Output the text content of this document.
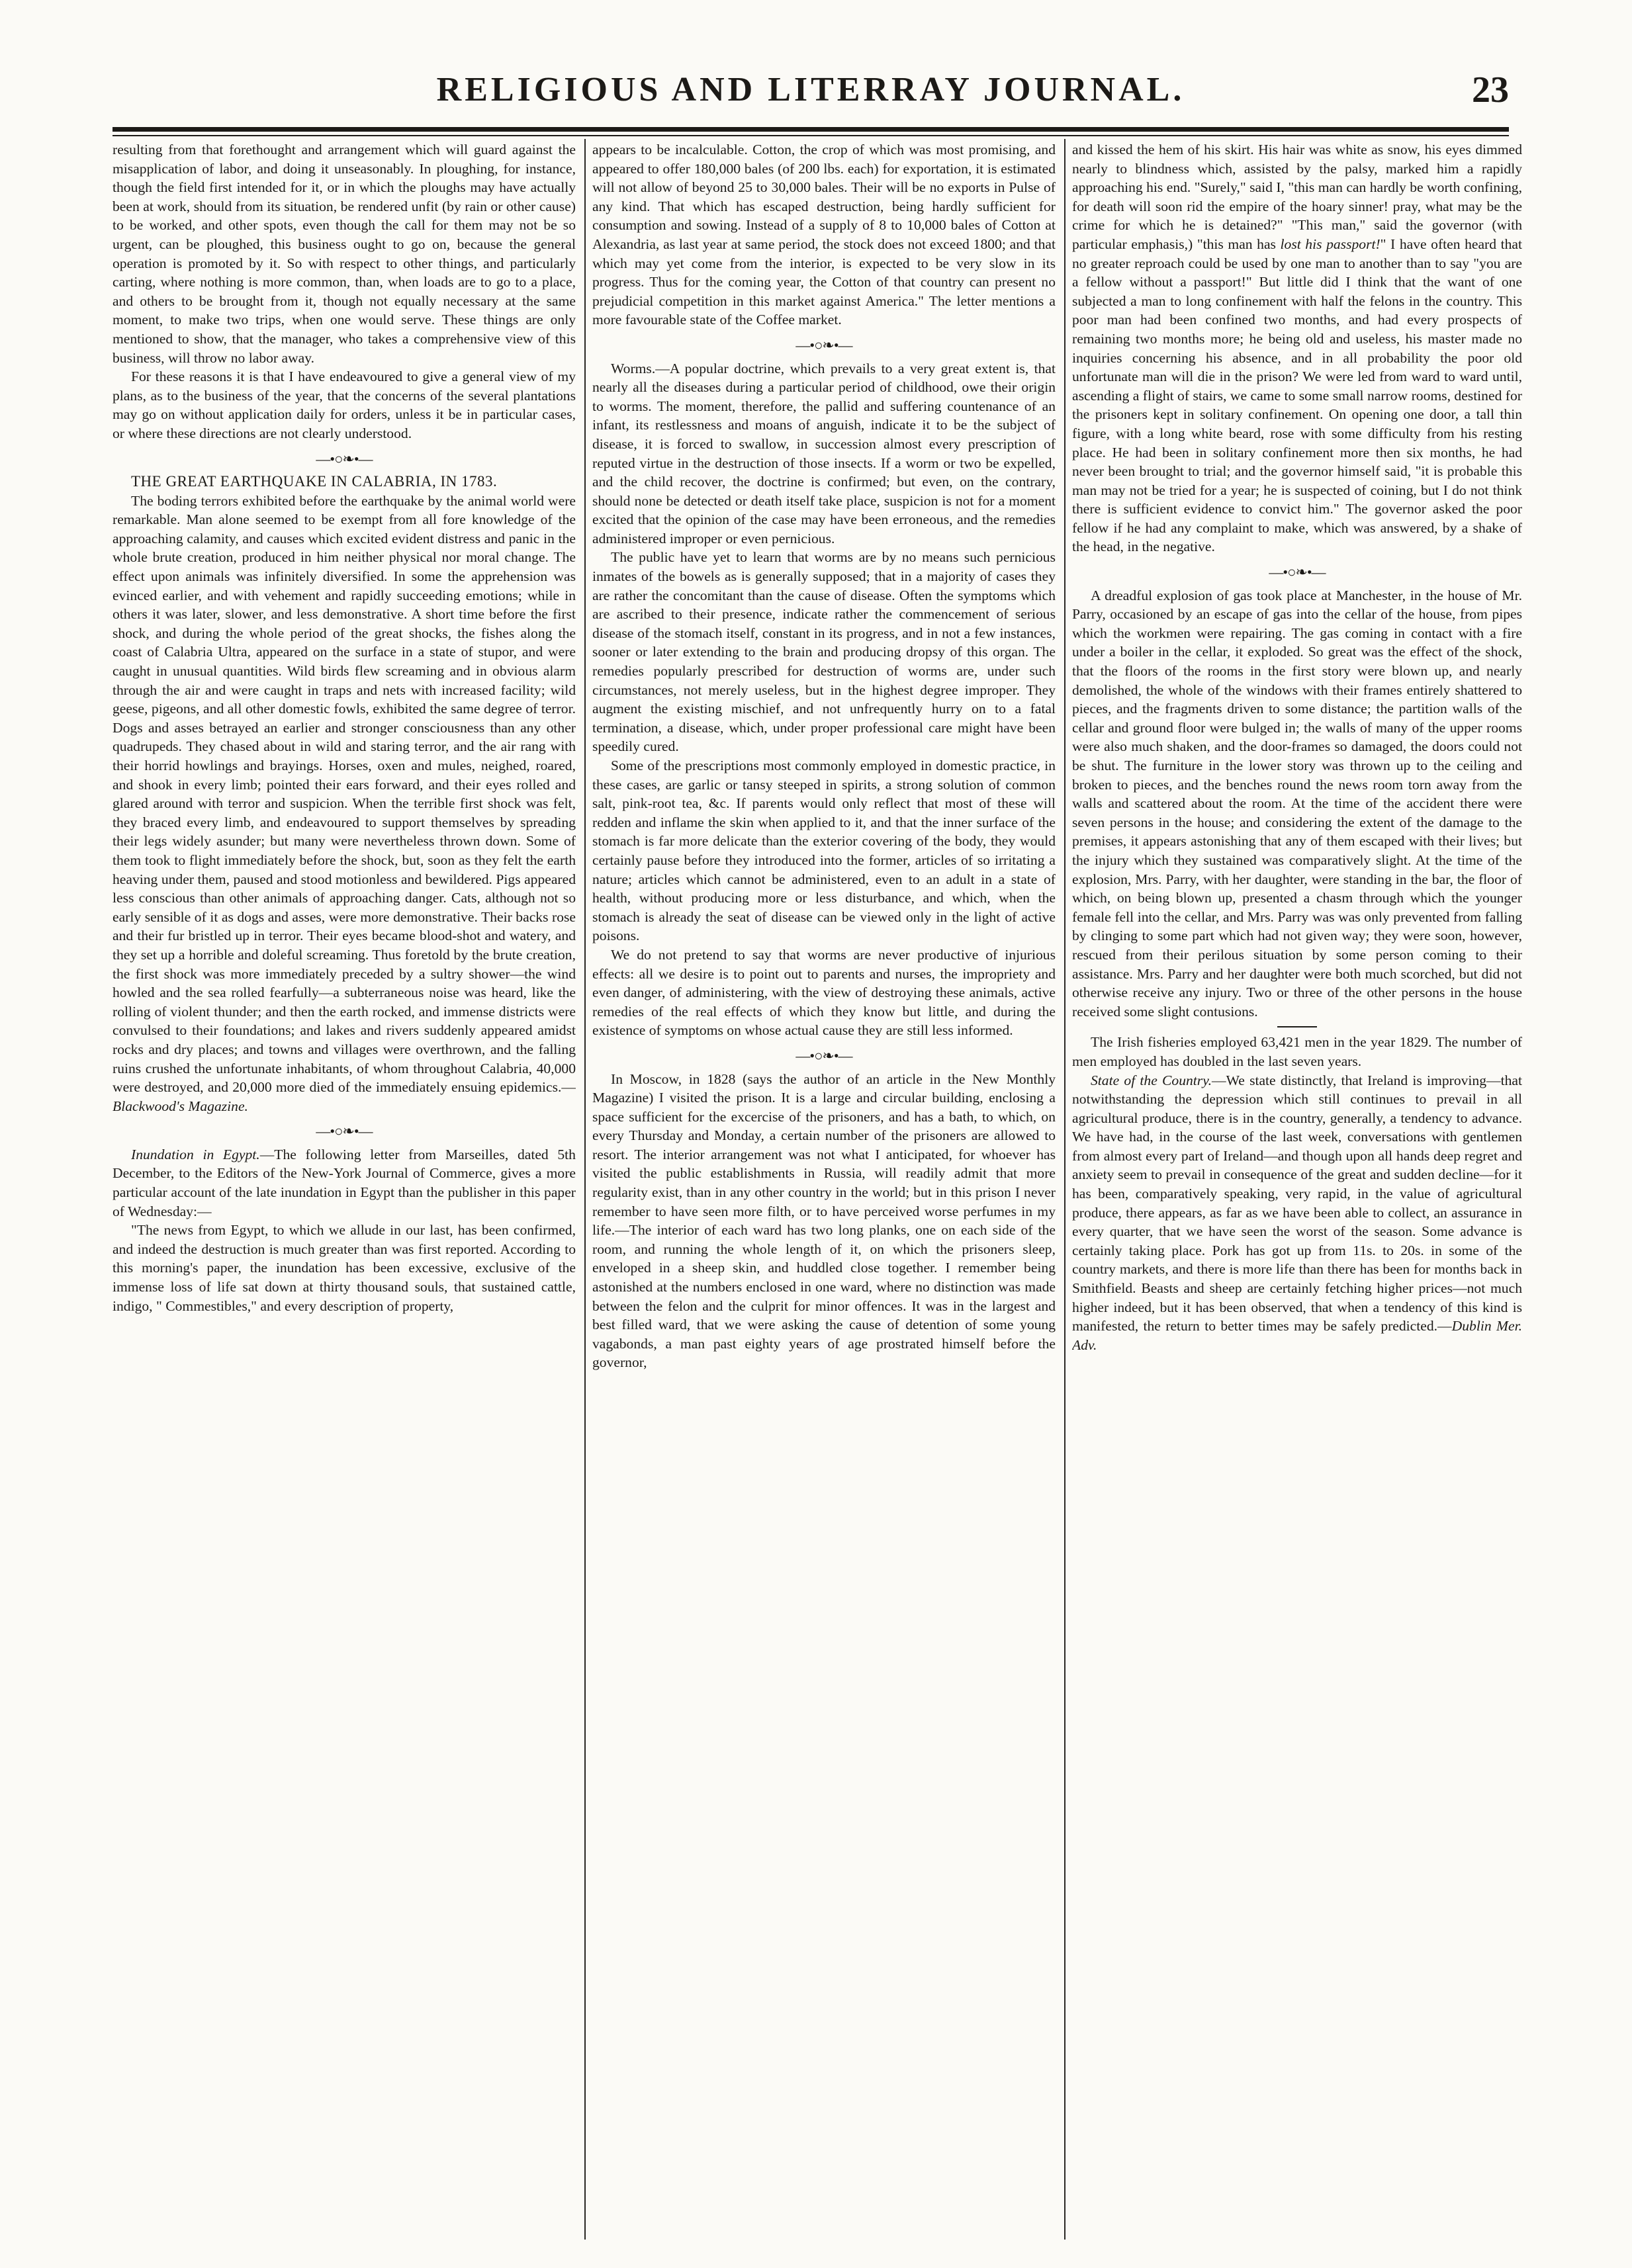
RELIGIOUS AND LITERRAY JOURNAL.	23

resulting from that forethought and arrangement which will guard against the misapplication of labor, and doing it unseasonably. In ploughing, for instance, though the field first intended for it, or in which the ploughs may have actually been at work, should from its situation, be rendered unfit (by rain or other cause) to be worked, and other spots, even though the call for them may not be so urgent, can be ploughed, this business ought to go on, because the general operation is promoted by it. So with respect to other things, and particularly carting, where nothing is more common, than, when loads are to go to a place, and others to be brought from it, though not equally necessary at the same moment, to make two trips, when one would serve. These things are only mentioned to show, that the manager, who takes a comprehensive view of this business, will throw no labor away.

For these reasons it is that I have endeavoured to give a general view of my plans, as to the business of the year, that the concerns of the several plantations may go on without application daily for orders, unless it be in particular cases, or where these directions are not clearly understood.

—•○❧•—

THE GREAT EARTHQUAKE IN CALABRIA, IN 1783.

The boding terrors exhibited before the earthquake by the animal world were remarkable. Man alone seemed to be exempt from all fore knowledge of the approaching calamity, and causes which excited evident distress and panic in the whole brute creation, produced in him neither physical nor moral change. The effect upon animals was infinitely diversified. In some the apprehension was evinced earlier, and with vehement and rapidly succeeding emotions; while in others it was later, slower, and less demonstrative. A short time before the first shock, and during the whole period of the great shocks, the fishes along the coast of Calabria Ultra, appeared on the surface in a state of stupor, and were caught in unusual quantities. Wild birds flew screaming and in obvious alarm through the air and were caught in traps and nets with increased facility; wild geese, pigeons, and all other domestic fowls, exhibited the same degree of terror. Dogs and asses betrayed an earlier and stronger consciousness than any other quadrupeds. They chased about in wild and staring terror, and the air rang with their horrid howlings and brayings. Horses, oxen and mules, neighed, roared, and shook in every limb; pointed their ears forward, and their eyes rolled and glared around with terror and suspicion. When the terrible first shock was felt, they braced every limb, and endeavoured to support themselves by spreading their legs widely asunder; but many were nevertheless thrown down. Some of them took to flight immediately before the shock, but, soon as they felt the earth heaving under them, paused and stood motionless and bewildered. Pigs appeared less conscious than other animals of approaching danger. Cats, although not so early sensible of it as dogs and asses, were more demonstrative. Their backs rose and their fur bristled up in terror. Their eyes became blood-shot and watery, and they set up a horrible and doleful screaming. Thus foretold by the brute creation, the first shock was more immediately preceded by a sultry shower—the wind howled and the sea rolled fearfully—a subterraneous noise was heard, like the rolling of violent thunder; and then the earth rocked, and immense districts were convulsed to their foundations; and lakes and rivers suddenly appeared amidst rocks and dry places; and towns and villages were overthrown, and the falling ruins crushed the unfortunate inhabitants, of whom throughout Calabria, 40,000 were destroyed, and 20,000 more died of the immediately ensuing epidemics.—Blackwood's Magazine.

—•○❧•—

Inundation in Egypt.—The following letter from Marseilles, dated 5th December, to the Editors of the New-York Journal of Commerce, gives a more particular account of the late inundation in Egypt than the publisher in this paper of Wednesday:—

"The news from Egypt, to which we allude in our last, has been confirmed, and indeed the destruction is much greater than was first reported. According to this morning's paper, the inundation has been excessive, exclusive of the immense loss of life sat down at thirty thousand souls, that sustained cattle, indigo, " Commestibles," and every description of property,

appears to be incalculable. Cotton, the crop of which was most promising, and appeared to offer 180,000 bales (of 200 lbs. each) for exportation, it is estimated will not allow of beyond 25 to 30,000 bales. Their will be no exports in Pulse of any kind. That which has escaped destruction, being hardly sufficient for consumption and sowing. Instead of a supply of 8 to 10,000 bales of Cotton at Alexandria, as last year at same period, the stock does not exceed 1800; and that which may yet come from the interior, is expected to be very slow in its progress. Thus for the coming year, the Cotton of that country can present no prejudicial competition in this market against America." The letter mentions a more favourable state of the Coffee market.

—•○❧•—

Worms.—A popular doctrine, which prevails to a very great extent is, that nearly all the diseases during a particular period of childhood, owe their origin to worms. The moment, therefore, the pallid and suffering countenance of an infant, its restlessness and moans of anguish, indicate it to be the subject of disease, it is forced to swallow, in succession almost every prescription of reputed virtue in the destruction of those insects. If a worm or two be expelled, and the child recover, the doctrine is confirmed; but even, on the contrary, should none be detected or death itself take place, suspicion is not for a moment excited that the opinion of the case may have been erroneous, and the remedies administered improper or even pernicious.

The public have yet to learn that worms are by no means such pernicious inmates of the bowels as is generally supposed; that in a majority of cases they are rather the concomitant than the cause of disease. Often the symptoms which are ascribed to their presence, indicate rather the commencement of serious disease of the stomach itself, constant in its progress, and in not a few instances, sooner or later extending to the brain and producing dropsy of this organ. The remedies popularly prescribed for destruction of worms are, under such circumstances, not merely useless, but in the highest degree improper. They augment the existing mischief, and not unfrequently hurry on to a fatal termination, a disease, which, under proper professional care might have been speedily cured.

Some of the prescriptions most commonly employed in domestic practice, in these cases, are garlic or tansy steeped in spirits, a strong solution of common salt, pink-root tea, &c. If parents would only reflect that most of these will redden and inflame the skin when applied to it, and that the inner surface of the stomach is far more delicate than the exterior covering of the body, they would certainly pause before they introduced into the former, articles of so irritating a nature; articles which cannot be administered, even to an adult in a state of health, without producing more or less disturbance, and which, when the stomach is already the seat of disease can be viewed only in the light of active poisons.

We do not pretend to say that worms are never productive of injurious effects: all we desire is to point out to parents and nurses, the impropriety and even danger, of administering, with the view of destroying these animals, active remedies of the real effects of which they know but little, and during the existence of symptoms on whose actual cause they are still less informed.

—•○❧•—

In Moscow, in 1828 (says the author of an article in the New Monthly Magazine) I visited the prison. It is a large and circular building, enclosing a space sufficient for the excercise of the prisoners, and has a bath, to which, on every Thursday and Monday, a certain number of the prisoners are allowed to resort. The interior arrangement was not what I anticipated, for whoever has visited the public establishments in Russia, will readily admit that more regularity exist, than in any other country in the world; but in this prison I never remember to have seen more filth, or to have perceived worse perfumes in my life.—The interior of each ward has two long planks, one on each side of the room, and running the whole length of it, on which the prisoners sleep, enveloped in a sheep skin, and huddled close together. I remember being astonished at the numbers enclosed in one ward, where no distinction was made between the felon and the culprit for minor offences. It was in the largest and best filled ward, that we were asking the cause of detention of some young vagabonds, a man past eighty years of age prostrated himself before the governor,

and kissed the hem of his skirt. His hair was white as snow, his eyes dimmed nearly to blindness which, assisted by the palsy, marked him a rapidly approaching his end. "Surely," said I, "this man can hardly be worth confining, for death will soon rid the empire of the hoary sinner! pray, what may be the crime for which he is detained?" "This man," said the governor (with particular emphasis,) "this man has lost his passport!" I have often heard that no greater reproach could be used by one man to another than to say "you are a fellow without a passport!" But little did I think that the want of one subjected a man to long confinement with half the felons in the country. This poor man had been confined two months, and had every prospects of remaining two months more; he being old and useless, his master made no inquiries concerning his absence, and in all probability the poor old unfortunate man will die in the prison? We were led from ward to ward until, ascending a flight of stairs, we came to some small narrow rooms, destined for the prisoners kept in solitary confinement. On opening one door, a tall thin figure, with a long white beard, rose with some difficulty from his resting place. He had been in solitary confinement more then six months, he had never been brought to trial; and the governor himself said, "it is probable this man may not be tried for a year; he is suspected of coining, but I do not think there is sufficient evidence to convict him." The governor asked the poor fellow if he had any complaint to make, which was answered, by a shake of the head, in the negative.

—•○❧•—

A dreadful explosion of gas took place at Manchester, in the house of Mr. Parry, occasioned by an escape of gas into the cellar of the house, from pipes which the workmen were repairing. The gas coming in contact with a fire under a boiler in the cellar, it exploded. So great was the effect of the shock, that the floors of the rooms in the first story were blown up, and nearly demolished, the whole of the windows with their frames entirely shattered to pieces, and the fragments driven to some distance; the partition walls of the cellar and ground floor were bulged in; the walls of many of the upper rooms were also much shaken, and the door-frames so damaged, the doors could not be shut. The furniture in the lower story was thrown up to the ceiling and broken to pieces, and the benches round the news room torn away from the walls and scattered about the room. At the time of the accident there were seven persons in the house; and considering the extent of the damage to the premises, it appears astonishing that any of them escaped with their lives; but the injury which they sustained was comparatively slight. At the time of the explosion, Mrs. Parry, with her daughter, were standing in the bar, the floor of which, on being blown up, presented a chasm through which the younger female fell into the cellar, and Mrs. Parry was was only prevented from falling by clinging to some part which had not given way; they were soon, however, rescued from their perilous situation by some person coming to their assistance. Mrs. Parry and her daughter were both much scorched, but did not otherwise receive any injury. Two or three of the other persons in the house received some slight contusions.

The Irish fisheries employed 63,421 men in the year 1829. The number of men employed has doubled in the last seven years.

State of the Country.—We state distinctly, that Ireland is improving—that notwithstanding the depression which still continues to prevail in all agricultural produce, there is in the country, generally, a tendency to advance. We have had, in the course of the last week, conversations with gentlemen from almost every part of Ireland—and though upon all hands deep regret and anxiety seem to prevail in consequence of the great and sudden decline—for it has been, comparatively speaking, very rapid, in the value of agricultural produce, there appears, as far as we have been able to collect, an assurance in every quarter, that we have seen the worst of the season. Some advance is certainly taking place. Pork has got up from 11s. to 20s. in some of the country markets, and there is more life than there has been for months back in Smithfield. Beasts and sheep are certainly fetching higher prices—not much higher indeed, but it has been observed, that when a tendency of this kind is manifested, the return to better times may be safely predicted.—Dublin Mer. Adv.
